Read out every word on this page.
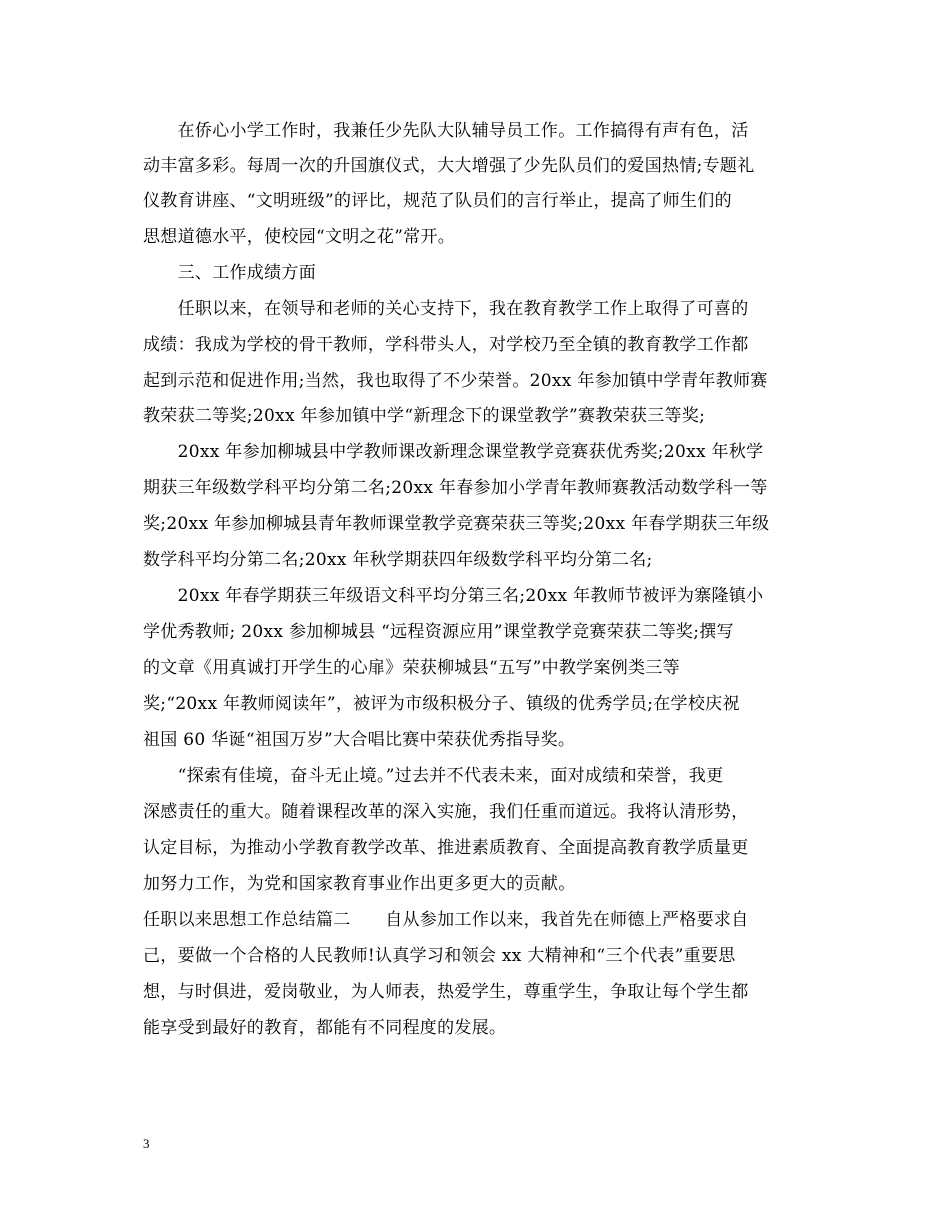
　　在侨心小学工作时，我兼任少先队大队辅导员工作。工作搞得有声有色，活
动丰富多彩。每周一次的升国旗仪式，大大增强了少先队员们的爱国热情;专题礼
仪教育讲座、“文明班级”的评比，规范了队员们的言行举止，提高了师生们的
思想道德水平，使校园“文明之花”常开。
　　三、工作成绩方面
　　任职以来，在领导和老师的关心支持下，我在教育教学工作上取得了可喜的
成绩：我成为学校的骨干教师，学科带头人，对学校乃至全镇的教育教学工作都
起到示范和促进作用;当然，我也取得了不少荣誉。20xx 年参加镇中学青年教师赛
教荣获二等奖;20xx 年参加镇中学“新理念下的课堂教学”赛教荣获三等奖;
　　20xx 年参加柳城县中学教师课改新理念课堂教学竞赛获优秀奖;20xx 年秋学
期获三年级数学科平均分第二名;20xx 年春参加小学青年教师赛教活动数学科一等
奖;20xx 年参加柳城县青年教师课堂教学竞赛荣获三等奖;20xx 年春学期获三年级
数学科平均分第二名;20xx 年秋学期获四年级数学科平均分第二名;
　　20xx 年春学期获三年级语文科平均分第三名;20xx 年教师节被评为寨隆镇小
学优秀教师; 20xx 参加柳城县 “远程资源应用”课堂教学竞赛荣获二等奖;撰写
的文章《用真诚打开学生的心扉》荣获柳城县“五写”中教学案例类三等
奖;“20xx 年教师阅读年”，被评为市级积极分子、镇级的优秀学员;在学校庆祝
祖国 60 华诞“祖国万岁”大合唱比赛中荣获优秀指导奖。
　　“探索有佳境，奋斗无止境。”过去并不代表未来，面对成绩和荣誉，我更
深感责任的重大。随着课程改革的深入实施，我们任重而道远。我将认清形势，
认定目标，为推动小学教育教学改革、推进素质教育、全面提高教育教学质量更
加努力工作，为党和国家教育事业作出更多更大的贡献。
任职以来思想工作总结篇二　　自从参加工作以来，我首先在师德上严格要求自
己，要做一个合格的人民教师!认真学习和领会 xx 大精神和“三个代表”重要思
想，与时俱进，爱岗敬业，为人师表，热爱学生，尊重学生，争取让每个学生都
能享受到最好的教育，都能有不同程度的发展。
3
